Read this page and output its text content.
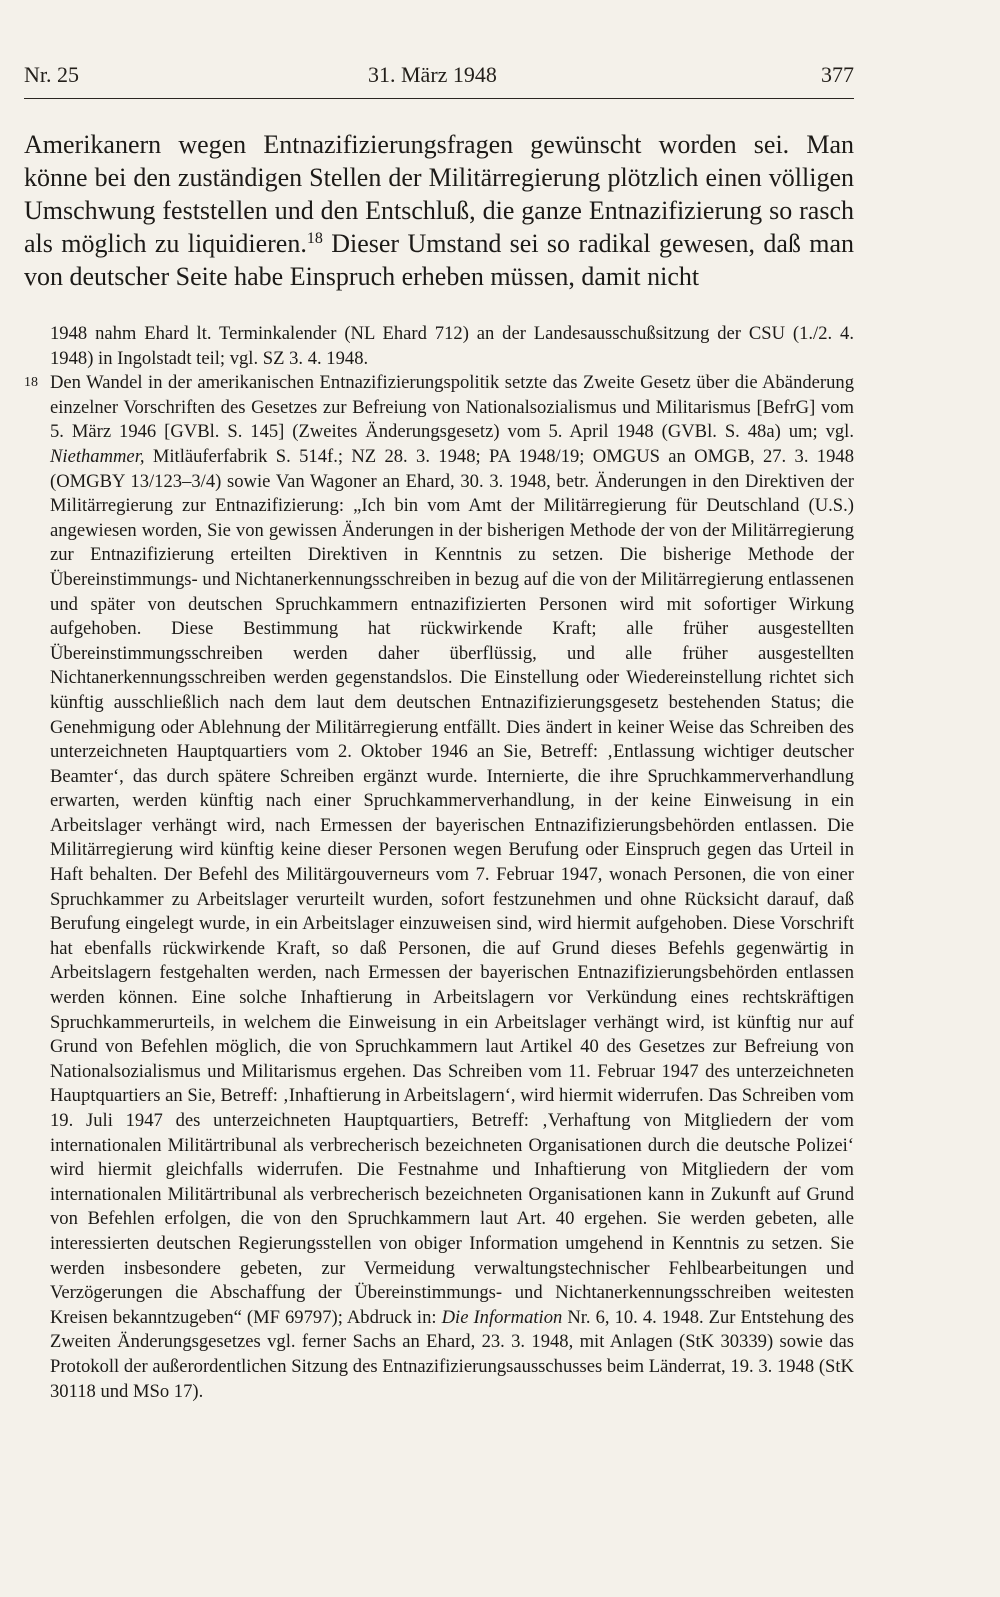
Nr. 25	31. März 1948	377

Amerikanern wegen Entnazifizierungsfragen gewünscht worden sei. Man könne bei den zuständigen Stellen der Militärregierung plötzlich einen völligen Umschwung feststellen und den Entschluß, die ganze Entnazifizierung so rasch als möglich zu liquidieren.$^{18}$ Dieser Umstand sei so radikal gewesen, daß man von deutscher Seite habe Einspruch erheben müssen, damit nicht

1948 nahm Ehard lt. Terminkalender (NL Ehard 712) an der Landesausschußsitzung der CSU (1./2. 4. 1948) in Ingolstadt teil; vgl. SZ 3. 4. 1948.

18 Den Wandel in der amerikanischen Entnazifizierungspolitik setzte das Zweite Gesetz über die Abänderung einzelner Vorschriften des Gesetzes zur Befreiung von Nationalsozialismus und Militarismus [BefrG] vom 5. März 1946 [GVBl. S. 145] (Zweites Änderungsgesetz) vom 5. April 1948 (GVBl. S. 48a) um; vgl. Niethammer, Mitläuferfabrik S. 514f.; NZ 28. 3. 1948; PA 1948/19; OMGUS an OMGB, 27. 3. 1948 (OMGBY 13/123–3/4) sowie Van Wagoner an Ehard, 30. 3. 1948, betr. Änderungen in den Direktiven der Militärregierung zur Entnazifizierung: „Ich bin vom Amt der Militärregierung für Deutschland (U.S.) angewiesen worden, Sie von gewissen Änderungen in der bisherigen Methode der von der Militärregierung zur Entnazifizierung erteilten Direktiven in Kenntnis zu setzen. Die bisherige Methode der Übereinstimmungs- und Nichtanerkennungsschreiben in bezug auf die von der Militärregierung entlassenen und später von deutschen Spruchkammern entnazifizierten Personen wird mit sofortiger Wirkung aufgehoben. Diese Bestimmung hat rückwirkende Kraft; alle früher ausgestellten Übereinstimmungsschreiben werden daher überflüssig, und alle früher ausgestellten Nichtanerkennungsschreiben werden gegenstandslos. Die Einstellung oder Wiedereinstellung richtet sich künftig ausschließlich nach dem laut dem deutschen Entnazifizierungsgesetz bestehenden Status; die Genehmigung oder Ablehnung der Militärregierung entfällt. Dies ändert in keiner Weise das Schreiben des unterzeichneten Hauptquartiers vom 2. Oktober 1946 an Sie, Betreff: ‚Entlassung wichtiger deutscher Beamter‘, das durch spätere Schreiben ergänzt wurde. Internierte, die ihre Spruchkammerverhandlung erwarten, werden künftig nach einer Spruchkammerverhandlung, in der keine Einweisung in ein Arbeitslager verhängt wird, nach Ermessen der bayerischen Entnazifizierungsbehörden entlassen. Die Militärregierung wird künftig keine dieser Personen wegen Berufung oder Einspruch gegen das Urteil in Haft behalten. Der Befehl des Militärgouverneurs vom 7. Februar 1947, wonach Personen, die von einer Spruchkammer zu Arbeitslager verurteilt wurden, sofort festzunehmen und ohne Rücksicht darauf, daß Berufung eingelegt wurde, in ein Arbeitslager einzuweisen sind, wird hiermit aufgehoben. Diese Vorschrift hat ebenfalls rückwirkende Kraft, so daß Personen, die auf Grund dieses Befehls gegenwärtig in Arbeitslagern festgehalten werden, nach Ermessen der bayerischen Entnazifizierungsbehörden entlassen werden können. Eine solche Inhaftierung in Arbeitslagern vor Verkündung eines rechtskräftigen Spruchkammerurteils, in welchem die Einweisung in ein Arbeitslager verhängt wird, ist künftig nur auf Grund von Befehlen möglich, die von Spruchkammern laut Artikel 40 des Gesetzes zur Befreiung von Nationalsozialismus und Militarismus ergehen. Das Schreiben vom 11. Februar 1947 des unterzeichneten Hauptquartiers an Sie, Betreff: ‚Inhaftierung in Arbeitslagern‘, wird hiermit widerrufen. Das Schreiben vom 19. Juli 1947 des unterzeichneten Hauptquartiers, Betreff: ‚Verhaftung von Mitgliedern der vom internationalen Militärtribunal als verbrecherisch bezeichneten Organisationen durch die deutsche Polizei‘ wird hiermit gleichfalls widerrufen. Die Festnahme und Inhaftierung von Mitgliedern der vom internationalen Militärtribunal als verbrecherisch bezeichneten Organisationen kann in Zukunft auf Grund von Befehlen erfolgen, die von den Spruchkammern laut Art. 40 ergehen. Sie werden gebeten, alle interessierten deutschen Regierungsstellen von obiger Information umgehend in Kenntnis zu setzen. Sie werden insbesondere gebeten, zur Vermeidung verwaltungstechnischer Fehlbearbeitungen und Verzögerungen die Abschaffung der Übereinstimmungs- und Nichtanerkennungsschreiben weitesten Kreisen bekanntzugeben“ (MF 69797); Abdruck in: Die Information Nr. 6, 10. 4. 1948. Zur Entstehung des Zweiten Änderungsgesetzes vgl. ferner Sachs an Ehard, 23. 3. 1948, mit Anlagen (StK 30339) sowie das Protokoll der außerordentlichen Sitzung des Entnazifizierungsausschusses beim Länderrat, 19. 3. 1948 (StK 30118 und MSo 17).
